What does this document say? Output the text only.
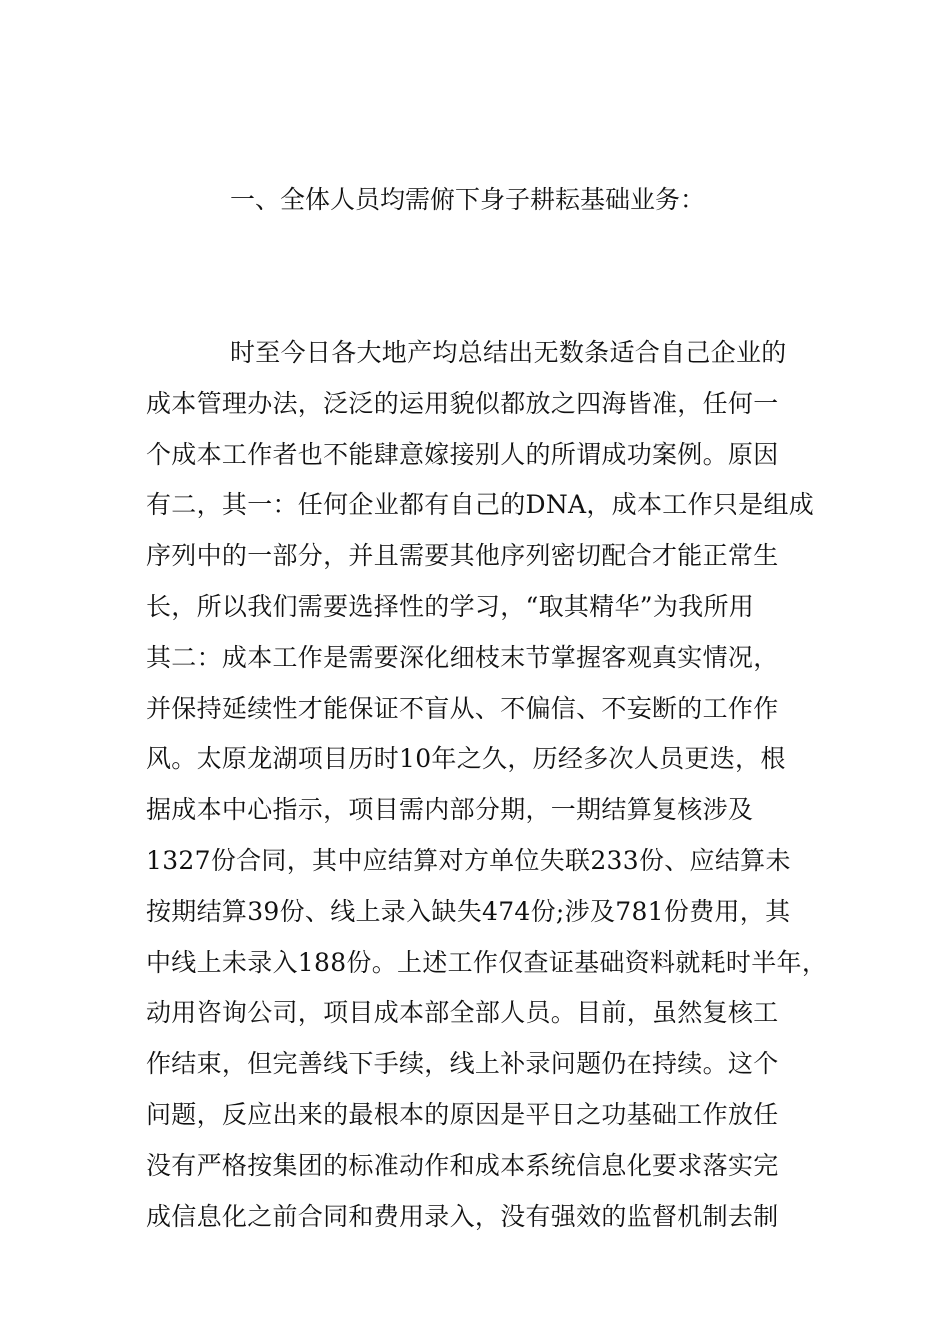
一、全体人员均需俯下身子耕耘基础业务：
时至今日各大地产均总结出无数条适合自己企业的
成本管理办法，泛泛的运用貌似都放之四海皆准，任何一
个成本工作者也不能肆意嫁接别人的所谓成功案例。原因
有二，其一：任何企业都有自己的DNA，成本工作只是组成
序列中的一部分，并且需要其他序列密切配合才能正常生
长，所以我们需要选择性的学习，“取其精华”为我所用
其二：成本工作是需要深化细枝末节掌握客观真实情况，
并保持延续性才能保证不盲从、不偏信、不妄断的工作作
风。太原龙湖项目历时10年之久，历经多次人员更迭，根
据成本中心指示，项目需内部分期，一期结算复核涉及
1327份合同，其中应结算对方单位失联233份、应结算未
按期结算39份、线上录入缺失474份;涉及781份费用，其
中线上未录入188份。上述工作仅查证基础资料就耗时半年，
动用咨询公司，项目成本部全部人员。目前，虽然复核工
作结束，但完善线下手续，线上补录问题仍在持续。这个
问题，反应出来的最根本的原因是平日之功基础工作放任
没有严格按集团的标准动作和成本系统信息化要求落实完
成信息化之前合同和费用录入，没有强效的监督机制去制
